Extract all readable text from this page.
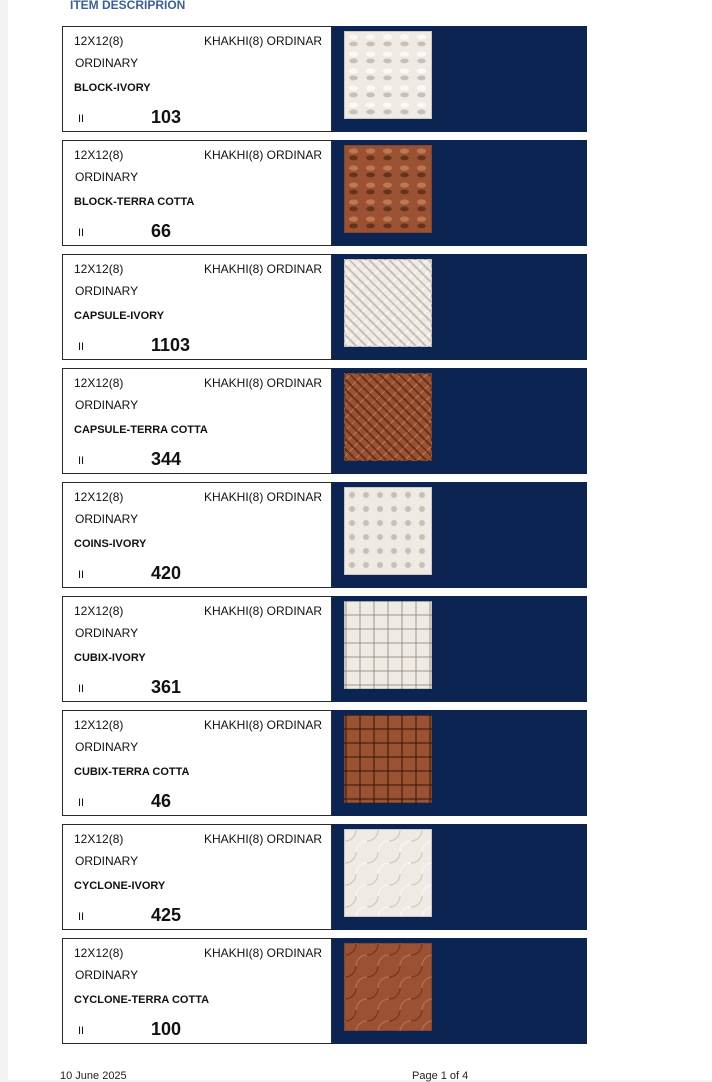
ITEM DESCRIPRION
12X12(8)	KHAKHI(8) ORDINAR
ORDINARY
BLOCK-IVORY
II	103
12X12(8)	KHAKHI(8) ORDINAR
ORDINARY
BLOCK-TERRA COTTA
II	66
12X12(8)	KHAKHI(8) ORDINAR
ORDINARY
CAPSULE-IVORY
II	1103
12X12(8)	KHAKHI(8) ORDINAR
ORDINARY
CAPSULE-TERRA COTTA
II	344
12X12(8)	KHAKHI(8) ORDINAR
ORDINARY
COINS-IVORY
II	420
12X12(8)	KHAKHI(8) ORDINAR
ORDINARY
CUBIX-IVORY
II	361
12X12(8)	KHAKHI(8) ORDINAR
ORDINARY
CUBIX-TERRA COTTA
II	46
12X12(8)	KHAKHI(8) ORDINAR
ORDINARY
CYCLONE-IVORY
II	425
12X12(8)	KHAKHI(8) ORDINAR
ORDINARY
CYCLONE-TERRA COTTA
II	100
10 June 2025	Page 1 of 4
